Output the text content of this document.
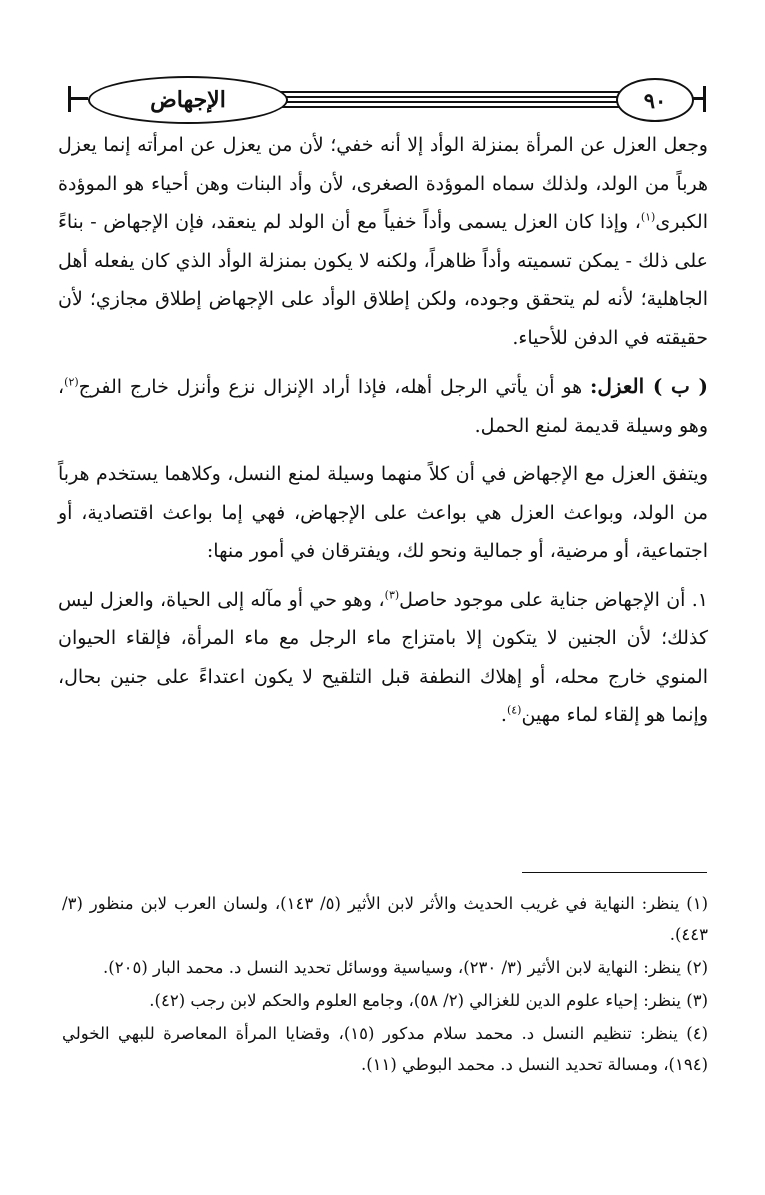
الإجهاض	٩٠

وجعل العزل عن المرأة بمنزلة الوأد إلا أنه خفي؛ لأن من يعزل عن امرأته إنما يعزل هرباً من الولد، ولذلك سماه الموؤدة الصغرى، لأن وأد البنات وهن أحياء هو الموؤدة الكبرى$^{(١)}$، وإذا كان العزل يسمى وأداً خفياً مع أن الولد لم ينعقد، فإن الإجهاض - بناءً على ذلك - يمكن تسميته وأداً ظاهراً، ولكنه لا يكون بمنزلة الوأد الذي كان يفعله أهل الجاهلية؛ لأنه لم يتحقق وجوده، ولكن إطلاق الوأد على الإجهاض إطلاق مجازي؛ لأن حقيقته في الدفن للأحياء.

( ب ) العزل: هو أن يأتي الرجل أهله، فإذا أراد الإنزال نزع وأنزل خارج الفرج$^{(٢)}$، وهو وسيلة قديمة لمنع الحمل.

ويتفق العزل مع الإجهاض في أن كلاً منهما وسيلة لمنع النسل، وكلاهما يستخدم هرباً من الولد، وبواعث العزل هي بواعث على الإجهاض، فهي إما بواعث اقتصادية، أو اجتماعية، أو مرضية، أو جمالية ونحو لك، ويفترقان في أمور منها:

١. أن الإجهاض جناية على موجود حاصل$^{(٣)}$، وهو حي أو مآله إلى الحياة، والعزل ليس كذلك؛ لأن الجنين لا يتكون إلا بامتزاج ماء الرجل مع ماء المرأة، فإلقاء الحيوان المنوي خارج محله، أو إهلاك النطفة قبل التلقيح لا يكون اعتداءً على جنين بحال، وإنما هو إلقاء لماء مهين$^{(٤)}$.

(١) ينظر: النهاية في غريب الحديث والأثر لابن الأثير (٥/ ١٤٣)، ولسان العرب لابن منظور (٣/ ٤٤٣).

(٢) ينظر: النهاية لابن الأثير (٣/ ٢٣٠)، وسياسية ووسائل تحديد النسل د. محمد البار (٢٠٥).

(٣) ينظر: إحياء علوم الدين للغزالي (٢/ ٥٨)، وجامع العلوم والحكم لابن رجب (٤٢).

(٤) ينظر: تنظيم النسل د. محمد سلام مدكور (١٥)، وقضايا المرأة المعاصرة للبهي الخولي (١٩٤)، ومسالة تحديد النسل د. محمد البوطي (١١).
